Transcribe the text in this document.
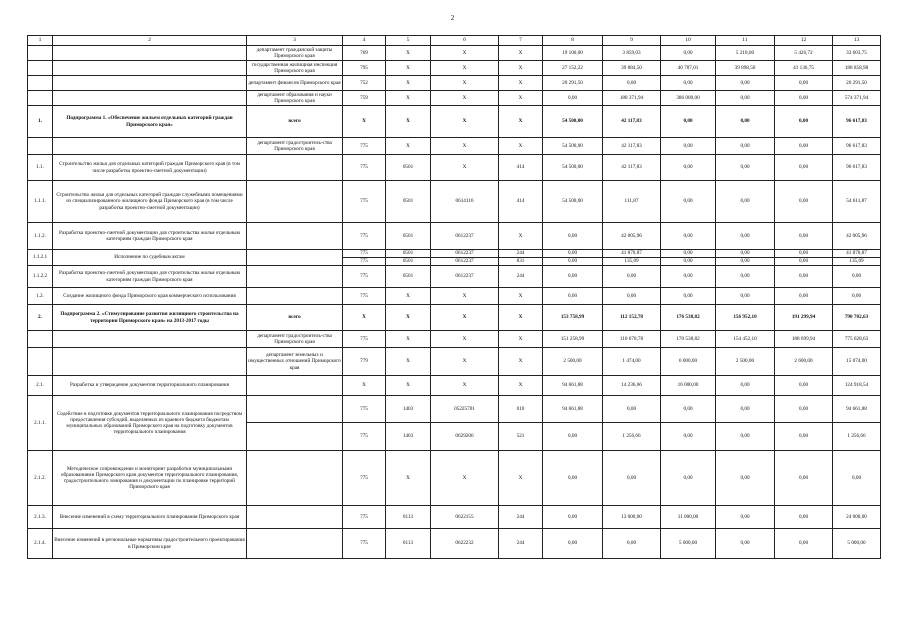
2
1	2	3	4	5	6	7	8	9	10	11	12	13
		департамент гражданской защиты Приморского края	769	X	X	X	19 100,00	3 859,03	0,00	5 218,00	5 426,72	33 603,75
		государственная жилищная инспекция Приморского края	795	X	X	X	27 152,22	39 884,50	40 787,01	39 898,50	41 136,75	188 858,98
		департамент финансов Приморского края	752	X	X	X	20 291,50	0,00	0,00	0,00	0,00	20 291,50
		департамент образования и науки Приморского края	759	X	X	X	0,00	188 371,94	386 000,00	0,00	0,00	574 371,94
1.	Подпрограмма 1. «Обеспечение жильем отдельных категорий граждан Приморского края»	всего	X	X	X	X	54 500,00	42 117,83	0,00	0,00	0,00	96 617,83
		департамент градостроитель-ства Приморского края	775	X	X	X	54 500,00	42 117,83	0,00	0,00	0,00	96 617,83
1.1.	Строительство жилья для отдельных категорий граждан Приморского края (в том числе разработка проектно-сметной документации)		775	0501	X	414	54 500,00	42 117,83	0,00	0,00	0,00	96 617,83
1.1.1.	Строительство жилья для отдельных категорий граждан служебными помещениями из специализированного жилищного фонда Приморского края (в том числе разработка проектно-сметной документации)		775	0501	0614116	414	54 500,00	111,87	0,00	0,00	0,00	54 611,87
1.1.2.	Разработка проектно-сметной документации для строительства жилья отдельным категориям граждан Приморского края		775	0501	0612237	X	0,00	42 005,96	0,00	0,00	0,00	42 005,96
1.1.2.1	Исполнение по судебным актам		775	0501	0612237	244	0,00	41 870,87	0,00	0,00	0,00	41 870,87
			775	0501	0612237	831	0,00	135,09	0,00	0,00	0,00	135,09
1.1.2.2	Разработка проектно-сметной документации для строительства жилья отдельным категориям граждан Приморского края		775	0501	0612237	244	0,00	0,00	0,00	0,00	0,00	0,00
1.2.	Создание жилищного фонда Приморского края коммерческого использования		775	X	X	X	0,00	0,00	0,00	0,00	0,00	0,00
2.	Подпрограмма 2. «Стимулирование развития жилищного строительства на территории Приморского края» на 2013-2017 годы	всего	X	X	X	X	153 758,99	112 152,78	176 538,82	156 952,10	191 299,94	790 702,63
		департамент градостроитель-ства Приморского края	775	X	X	X	151 258,99	110 678,78	170 538,82	154 452,10	188 699,94	775 628,63
		департамент земельных и имущественных отношений Приморского края	779	X	X	X	2 500,00	1 474,00	6 000,00	2 500,00	2 600,00	15 074,00
2.1.	Разработка и утверждение документов территориального планирования		X	X	X	X	94 661,88	14 236,66	16 000,00	0,00	0,00	124 918,54
2.1.1.	Содействие в подготовке документов территориального планирования посредством предоставления субсидий, выделяемых из краевого бюджета бюджетам муниципальных образований Приморского края на подготовку документов территориального планирования		775	1403	05225701	010	94 661,88	0,00	0,00	0,00	0,00	94 661,88
			775	1403	0629206	521	0,00	1 256,66	0,00	0,00	0,00	1 256,66
2.1.2.	Методическое сопровождение и мониторинг разработки муниципальными образованиями Приморского края документов территориального планирования, градостроительного зонирования и документации по планировке территорий Приморского края		775	X	X	X	0,00	0,00	0,00	0,00	0,00	0,00
2.1.3.	Внесение изменений в схему территориального планирования Приморского края		775	0113	0622155	244	0,00	13 000,00	11 000,00	0,00	0,00	24 000,00
2.1.4.	Внесение изменений в региональные нормативы градостроительного проектирования в Приморском крае		775	0113	0622232	244	0,00	0,00	5 000,00	0,00	0,00	5 000,00
